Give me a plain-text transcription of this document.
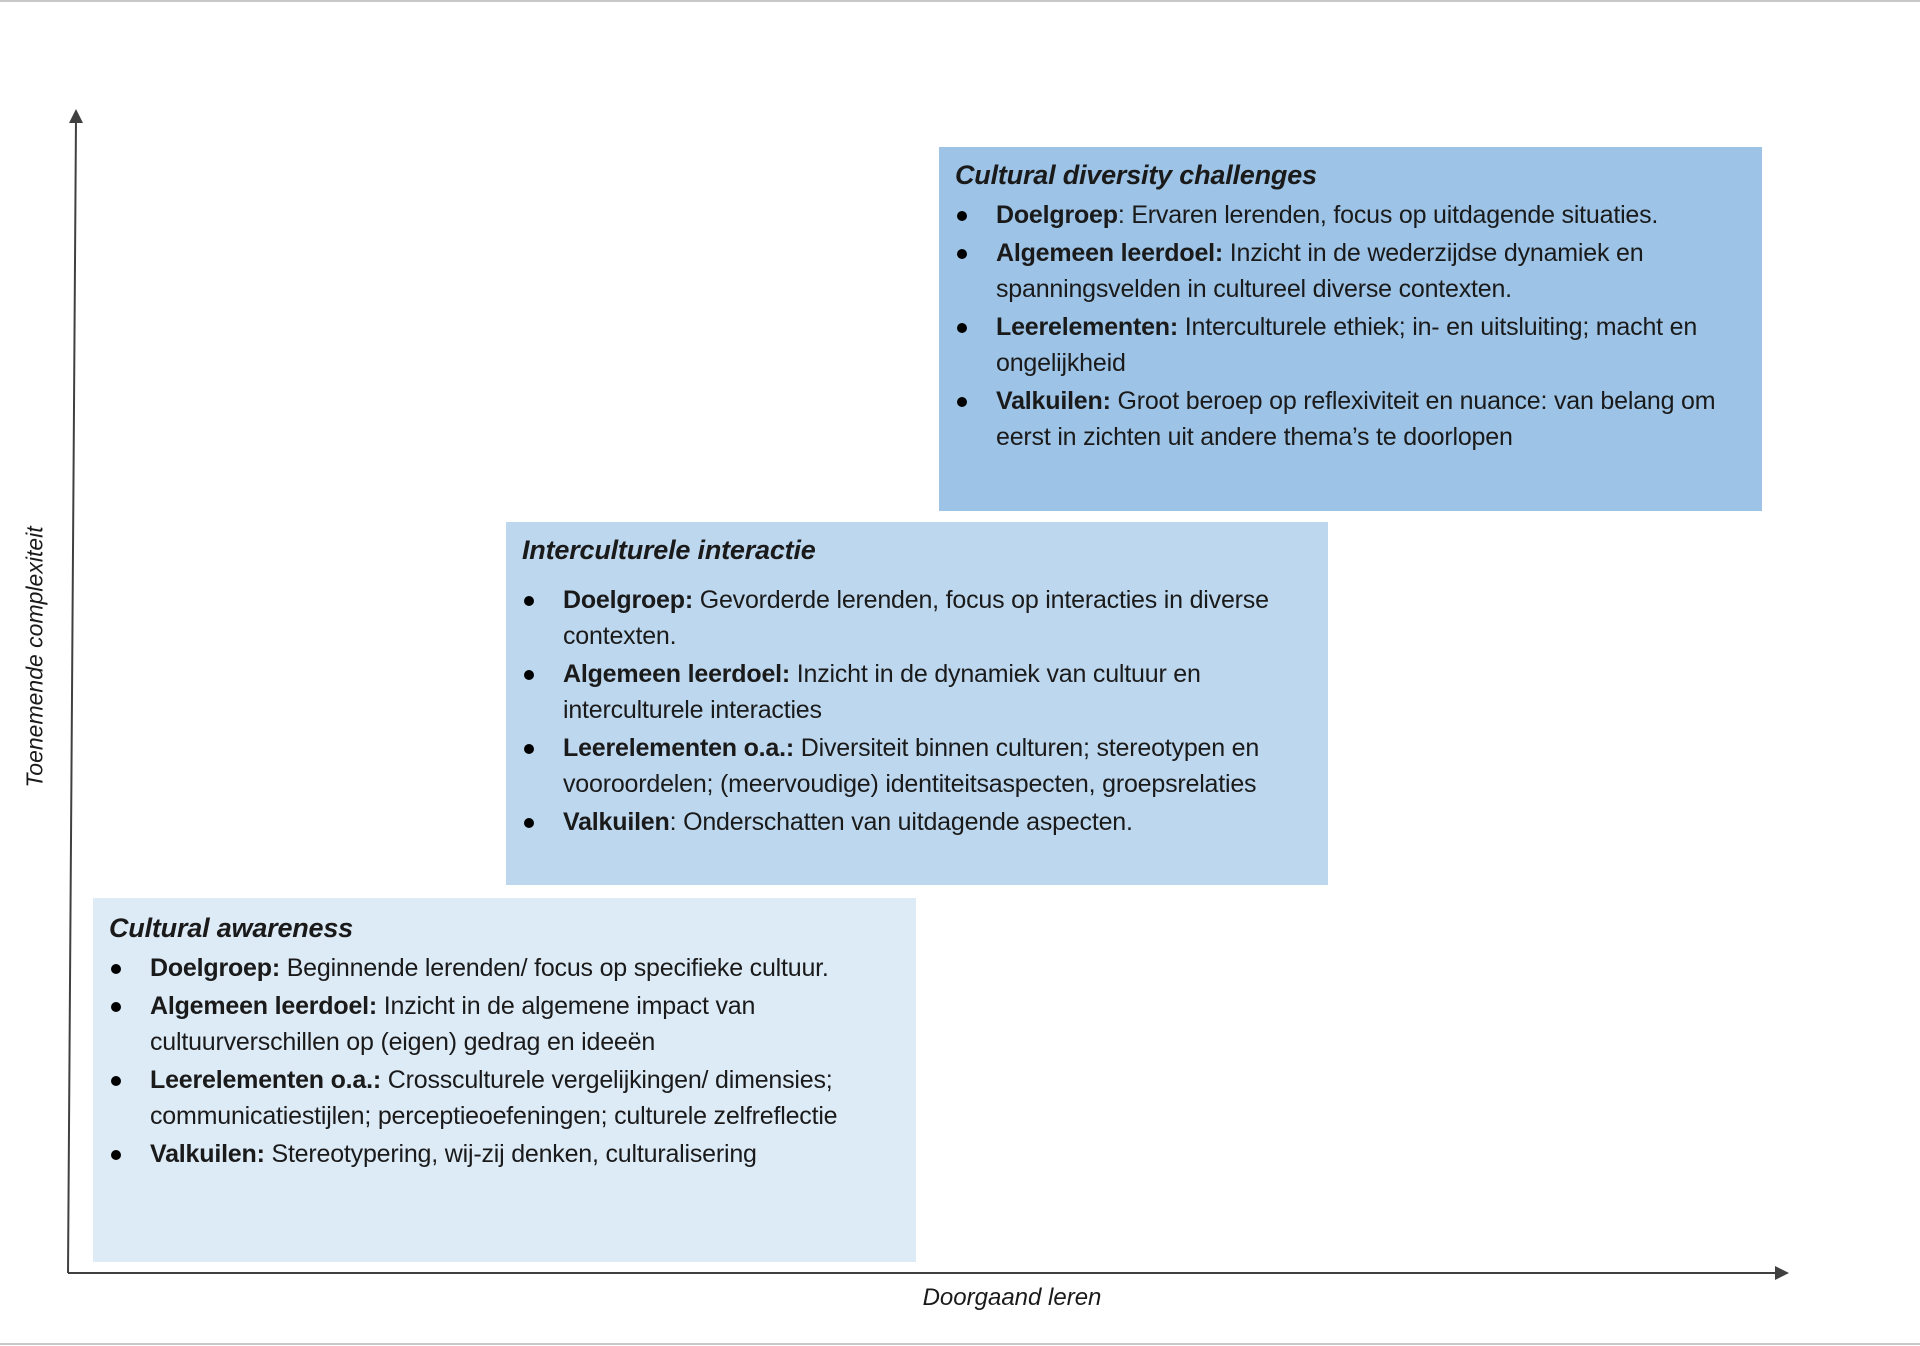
Toenemende complexiteit
Doorgaand leren
Cultural awareness
Doelgroep: Beginnende lerenden/ focus op specifieke cultuur.
Algemeen leerdoel: Inzicht in de algemene impact van cultuurverschillen op (eigen) gedrag en ideeën
Leerelementen o.a.: Crossculturele vergelijkingen/ dimensies; communicatiestijlen; perceptieoefeningen; culturele zelfreflectie
Valkuilen: Stereotypering, wij-zij denken, culturalisering
Interculturele interactie
Doelgroep: Gevorderde lerenden, focus op interacties in diverse contexten.
Algemeen leerdoel: Inzicht in de dynamiek van cultuur en interculturele interacties
Leerelementen o.a.: Diversiteit binnen culturen; stereotypen en vooroordelen; (meervoudige) identiteitsaspecten, groepsrelaties
Valkuilen: Onderschatten van uitdagende aspecten.
Cultural diversity challenges
Doelgroep: Ervaren lerenden, focus op uitdagende situaties.
Algemeen leerdoel: Inzicht in de wederzijdse dynamiek en spanningsvelden in cultureel diverse contexten.
Leerelementen: Interculturele ethiek; in- en uitsluiting; macht en ongelijkheid
Valkuilen: Groot beroep op reflexiviteit en nuance: van belang om eerst in zichten uit andere thema’s te doorlopen
